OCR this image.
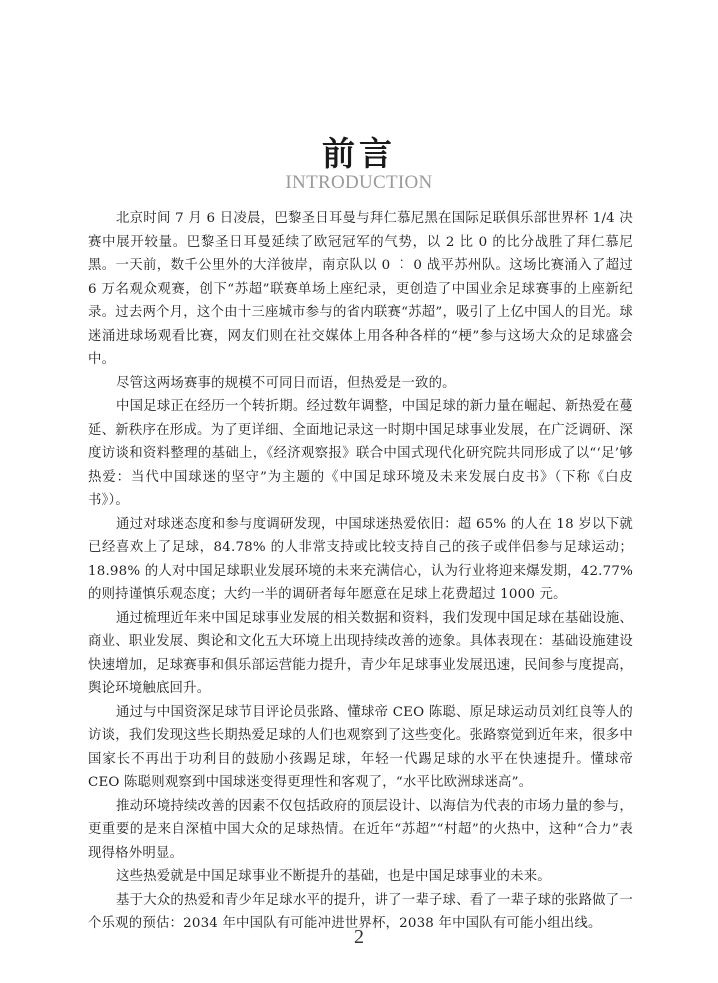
前言
INTRODUCTION

北京时间 7 月 6 日凌晨，巴黎圣日耳曼与拜仁慕尼黑在国际足联俱乐部世界杯 1/4 决赛中展开较量。巴黎圣日耳曼延续了欧冠冠军的气势，以 2 比 0 的比分战胜了拜仁慕尼黑。一天前，数千公里外的大洋彼岸，南京队以 0 ︰ 0 战平苏州队。这场比赛涌入了超过 6 万名观众观赛，创下“苏超”联赛单场上座纪录，更创造了中国业余足球赛事的上座新纪录。过去两个月，这个由十三座城市参与的省内联赛“苏超”，吸引了上亿中国人的目光。球迷涌进球场观看比赛，网友们则在社交媒体上用各种各样的“梗”参与这场大众的足球盛会中。

尽管这两场赛事的规模不可同日而语，但热爱是一致的。

中国足球正在经历一个转折期。经过数年调整，中国足球的新力量在崛起、新热爱在蔓延、新秩序在形成。为了更详细、全面地记录这一时期中国足球事业发展，在广泛调研、深度访谈和资料整理的基础上，《经济观察报》联合中国式现代化研究院共同形成了以“‘足’够热爱：当代中国球迷的坚守”为主题的《中国足球环境及未来发展白皮书》（下称《白皮书》）。

通过对球迷态度和参与度调研发现，中国球迷热爱依旧：超 65% 的人在 18 岁以下就已经喜欢上了足球，84.78% 的人非常支持或比较支持自己的孩子或伴侣参与足球运动；18.98% 的人对中国足球职业发展环境的未来充满信心，认为行业将迎来爆发期，42.77% 的则持谨慎乐观态度；大约一半的调研者每年愿意在足球上花费超过 1000 元。

通过梳理近年来中国足球事业发展的相关数据和资料，我们发现中国足球在基础设施、商业、职业发展、舆论和文化五大环境上出现持续改善的迹象。具体表现在：基础设施建设快速增加，足球赛事和俱乐部运营能力提升，青少年足球事业发展迅速，民间参与度提高，舆论环境触底回升。

通过与中国资深足球节目评论员张路、懂球帝 CEO 陈聪、原足球运动员刘红良等人的访谈，我们发现这些长期热爱足球的人们也观察到了这些变化。张路察觉到近年来，很多中国家长不再出于功利目的鼓励小孩踢足球，年轻一代踢足球的水平在快速提升。懂球帝 CEO 陈聪则观察到中国球迷变得更理性和客观了，“水平比欧洲球迷高”。

推动环境持续改善的因素不仅包括政府的顶层设计、以海信为代表的市场力量的参与，更重要的是来自深植中国大众的足球热情。在近年“苏超”“村超”的火热中，这种“合力”表现得格外明显。

这些热爱就是中国足球事业不断提升的基础，也是中国足球事业的未来。

基于大众的热爱和青少年足球水平的提升，讲了一辈子球、看了一辈子球的张路做了一个乐观的预估：2034 年中国队有可能冲进世界杯，2038 年中国队有可能小组出线。

2
